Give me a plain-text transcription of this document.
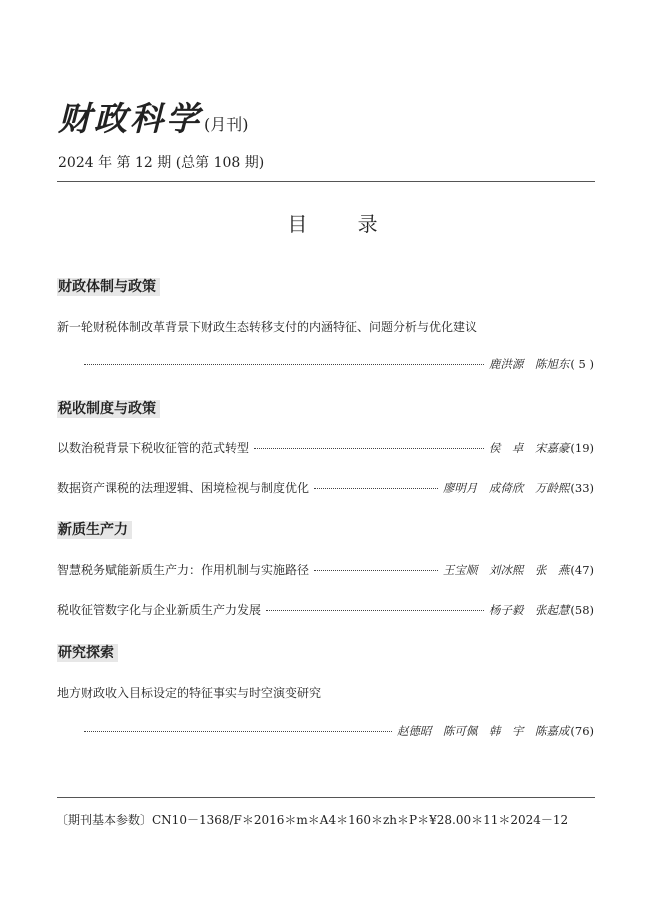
财政科学 (月刊)
2024 年 第 12 期 (总第 108 期)
目 录
财政体制与政策
新一轮财税体制改革背景下财政生态转移支付的内涵特征、问题分析与优化建议
鹿洪源　陈旭东 ( 5 )
税收制度与政策
以数治税背景下税收征管的范式转型	侯　卓　宋嘉豪 (19)
数据资产课税的法理逻辑、困境检视与制度优化	廖明月　成倚欣　万龄熙 (33)
新质生产力
智慧税务赋能新质生产力：作用机制与实施路径	王宝顺　刘冰熙　张　燕 (47)
税收征管数字化与企业新质生产力发展	杨子毅　张起慧 (58)
研究探索
地方财政收入目标设定的特征事实与时空演变研究
赵德昭　陈可佩　韩　宇　陈嘉成 (76)
〔期刊基本参数〕CN10－1368/F＊2016＊m＊A4＊160＊zh＊P＊¥28.00＊11＊2024－12
